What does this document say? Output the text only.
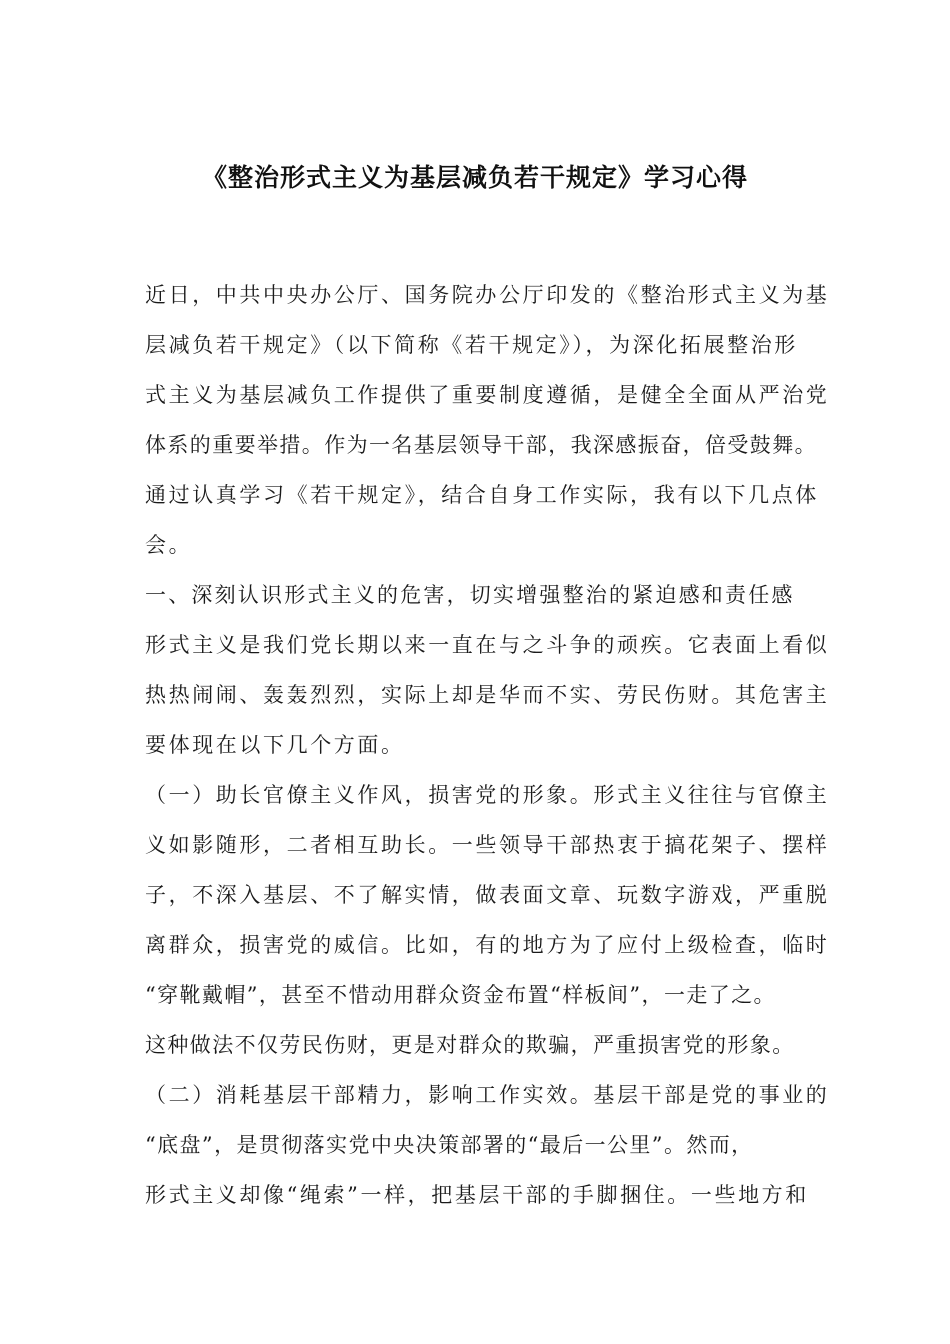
《整治形式主义为基层减负若干规定》学习心得
近日，中共中央办公厅、国务院办公厅印发的《整治形式主义为基
层减负若干规定》（以下简称《若干规定》），为深化拓展整治形
式主义为基层减负工作提供了重要制度遵循，是健全全面从严治党
体系的重要举措。作为一名基层领导干部，我深感振奋，倍受鼓舞。
通过认真学习《若干规定》，结合自身工作实际，我有以下几点体
会。
一、深刻认识形式主义的危害，切实增强整治的紧迫感和责任感
形式主义是我们党长期以来一直在与之斗争的顽疾。它表面上看似
热热闹闹、轰轰烈烈，实际上却是华而不实、劳民伤财。其危害主
要体现在以下几个方面。
（一）助长官僚主义作风，损害党的形象。形式主义往往与官僚主
义如影随形，二者相互助长。一些领导干部热衷于搞花架子、摆样
子，不深入基层、不了解实情，做表面文章、玩数字游戏，严重脱
离群众，损害党的威信。比如，有的地方为了应付上级检查，临时
“穿靴戴帽”，甚至不惜动用群众资金布置“样板间”，一走了之。
这种做法不仅劳民伤财，更是对群众的欺骗，严重损害党的形象。
（二）消耗基层干部精力，影响工作实效。基层干部是党的事业的
“底盘”，是贯彻落实党中央决策部署的“最后一公里”。然而，
形式主义却像“绳索”一样，把基层干部的手脚捆住。一些地方和
